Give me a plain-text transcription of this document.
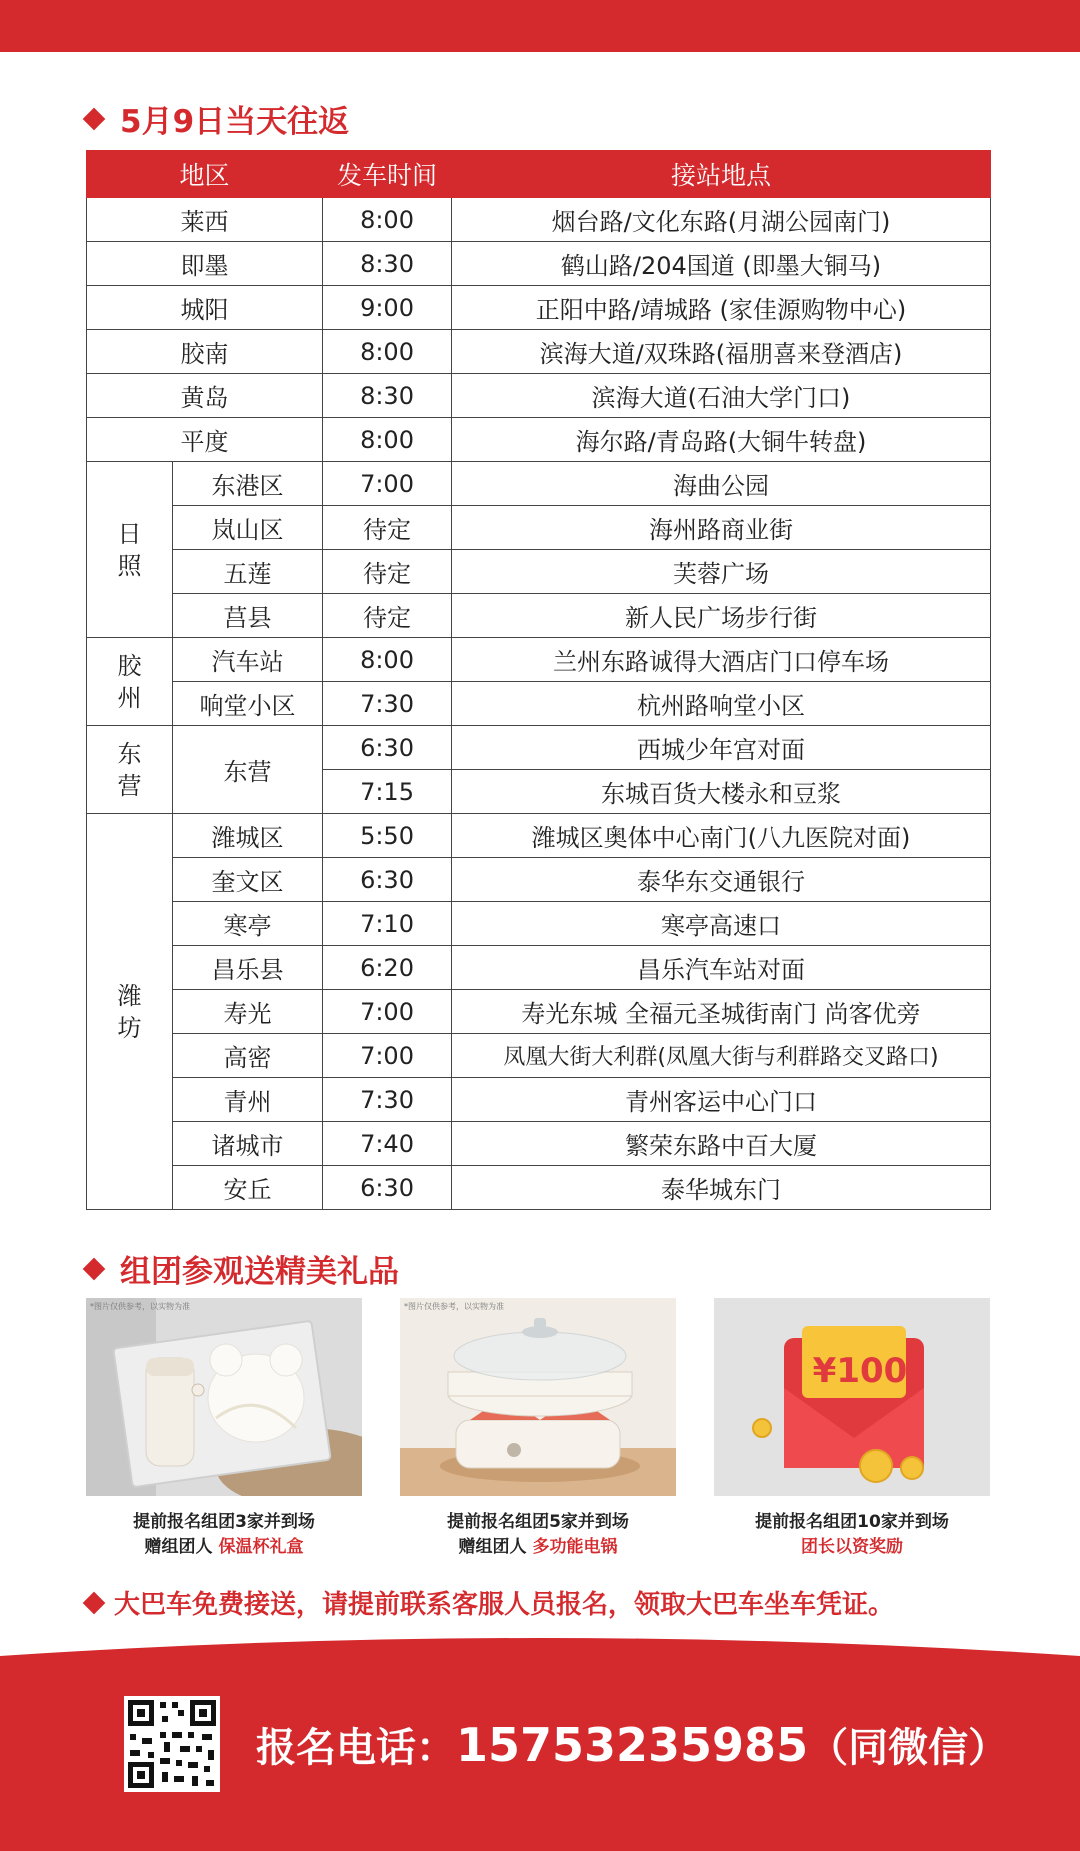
5月9日当天往返
地区		发车时间	接站地点
莱西		8:00	烟台路/文化东路(月湖公园南门)
即墨		8:30	鹤山路/204国道 (即墨大铜马)
城阳		9:00	正阳中路/靖城路 (家佳源购物中心)
胶南		8:00	滨海大道/双珠路(福朋喜来登酒店)
黄岛		8:30	滨海大道(石油大学门口)
平度		8:00	海尔路/青岛路(大铜牛转盘)
日照	东港区	7:00	海曲公园
	岚山区	待定	海州路商业街
	五莲	待定	芙蓉广场
	莒县	待定	新人民广场步行街
胶州	汽车站	8:00	兰州东路诚得大酒店门口停车场
	响堂小区	7:30	杭州路响堂小区
东营	东营	6:30	西城少年宫对面
		7:15	东城百货大楼永和豆浆
潍坊	潍城区	5:50	潍城区奥体中心南门(八九医院对面)
	奎文区	6:30	泰华东交通银行
	寒亭	7:10	寒亭高速口
	昌乐县	6:20	昌乐汽车站对面
	寿光	7:00	寿光东城 全福元圣城街南门 尚客优旁
	高密	7:00	凤凰大街大利群(凤凰大街与利群路交叉路口)
	青州	7:30	青州客运中心门口
	诸城市	7:40	繁荣东路中百大厦
	安丘	6:30	泰华城东门
组团参观送精美礼品
*图片仅供参考，以实物为准
提前报名组团3家并到场
赠组团人 保温杯礼盒
*图片仅供参考，以实物为准
提前报名组团5家并到场
赠组团人 多功能电锅
¥100
提前报名组团10家并到场
团长以资奖励
大巴车免费接送，请提前联系客服人员报名，领取大巴车坐车凭证。
报名电话：15753235985（同微信）
